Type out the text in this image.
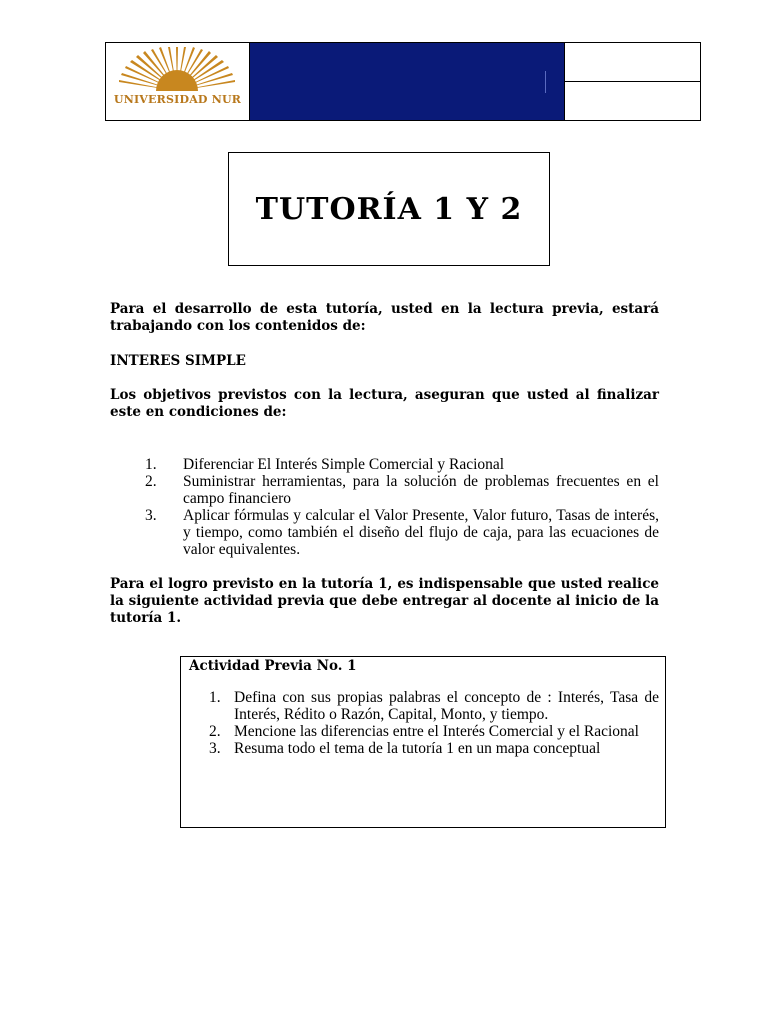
UNIVERSIDAD NUR
TUTORÍA 1 Y 2

Para el desarrollo de esta tutoría, usted en la lectura previa, estará trabajando con los contenidos de:

INTERES SIMPLE

Los objetivos previstos con la lectura, aseguran que usted al finalizar este en condiciones de:

1.	Diferenciar El Interés Simple Comercial y Racional
2.	Suministrar herramientas, para la solución de problemas frecuentes en el campo financiero
3.	Aplicar fórmulas y calcular el Valor Presente, Valor futuro, Tasas de interés, y tiempo, como también el diseño del flujo de caja, para las ecuaciones de valor equivalentes.

Para el logro previsto en la tutoría 1, es indispensable que usted realice la siguiente actividad previa que debe entregar al docente al inicio de la tutoría 1.

Actividad Previa No. 1
1. Defina con sus propias palabras el concepto de : Interés, Tasa de Interés, Rédito o Razón, Capital, Monto, y tiempo.
2. Mencione las diferencias entre el Interés Comercial y el Racional
3. Resuma todo el tema de la tutoría 1 en un mapa conceptual
